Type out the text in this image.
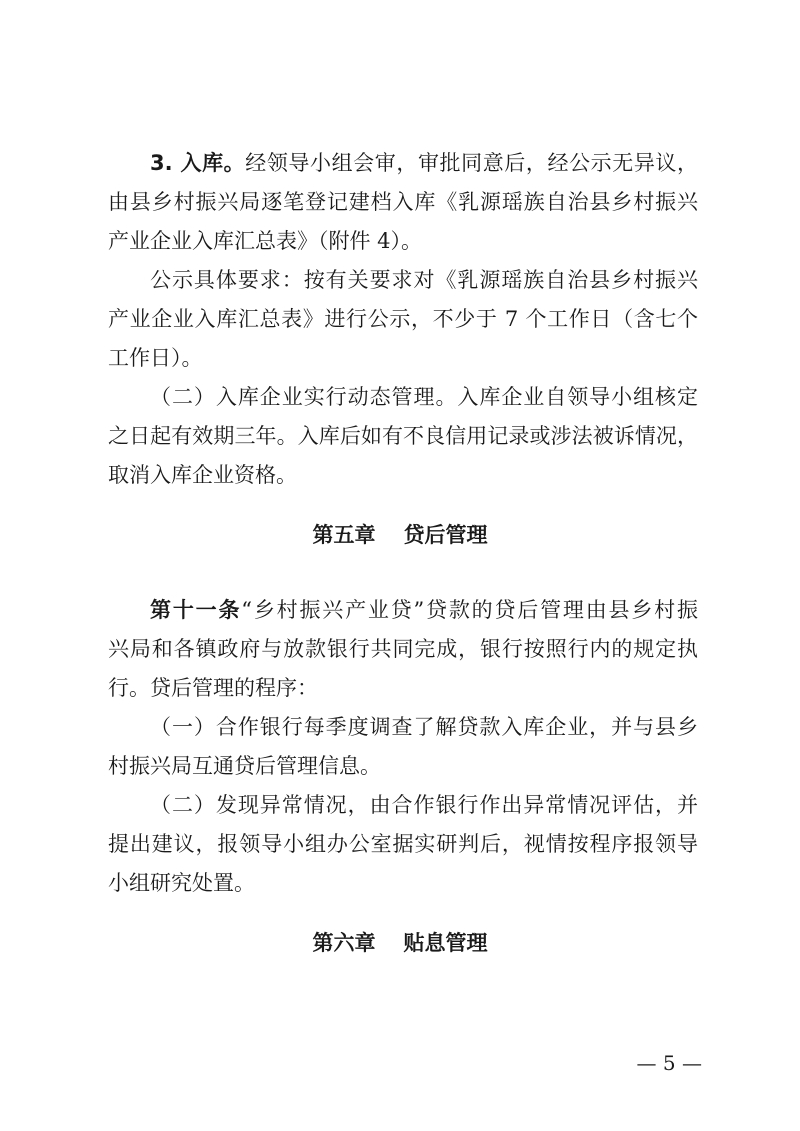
3. 入库。经领导小组会审，审批同意后，经公示无异议，
由县乡村振兴局逐笔登记建档入库《乳源瑶族自治县乡村振兴
产业企业入库汇总表》（附件 4）。
公示具体要求：按有关要求对《乳源瑶族自治县乡村振兴
产业企业入库汇总表》进行公示，不少于 7 个工作日（含七个
工作日）。
（二）入库企业实行动态管理。入库企业自领导小组核定
之日起有效期三年。入库后如有不良信用记录或涉法被诉情况，
取消入库企业资格。
第五章 贷后管理
第十一条“乡村振兴产业贷”贷款的贷后管理由县乡村振
兴局和各镇政府与放款银行共同完成，银行按照行内的规定执
行。贷后管理的程序：
（一）合作银行每季度调查了解贷款入库企业，并与县乡
村振兴局互通贷后管理信息。
（二）发现异常情况，由合作银行作出异常情况评估，并
提出建议，报领导小组办公室据实研判后，视情按程序报领导
小组研究处置。
第六章 贴息管理
— 5 —
